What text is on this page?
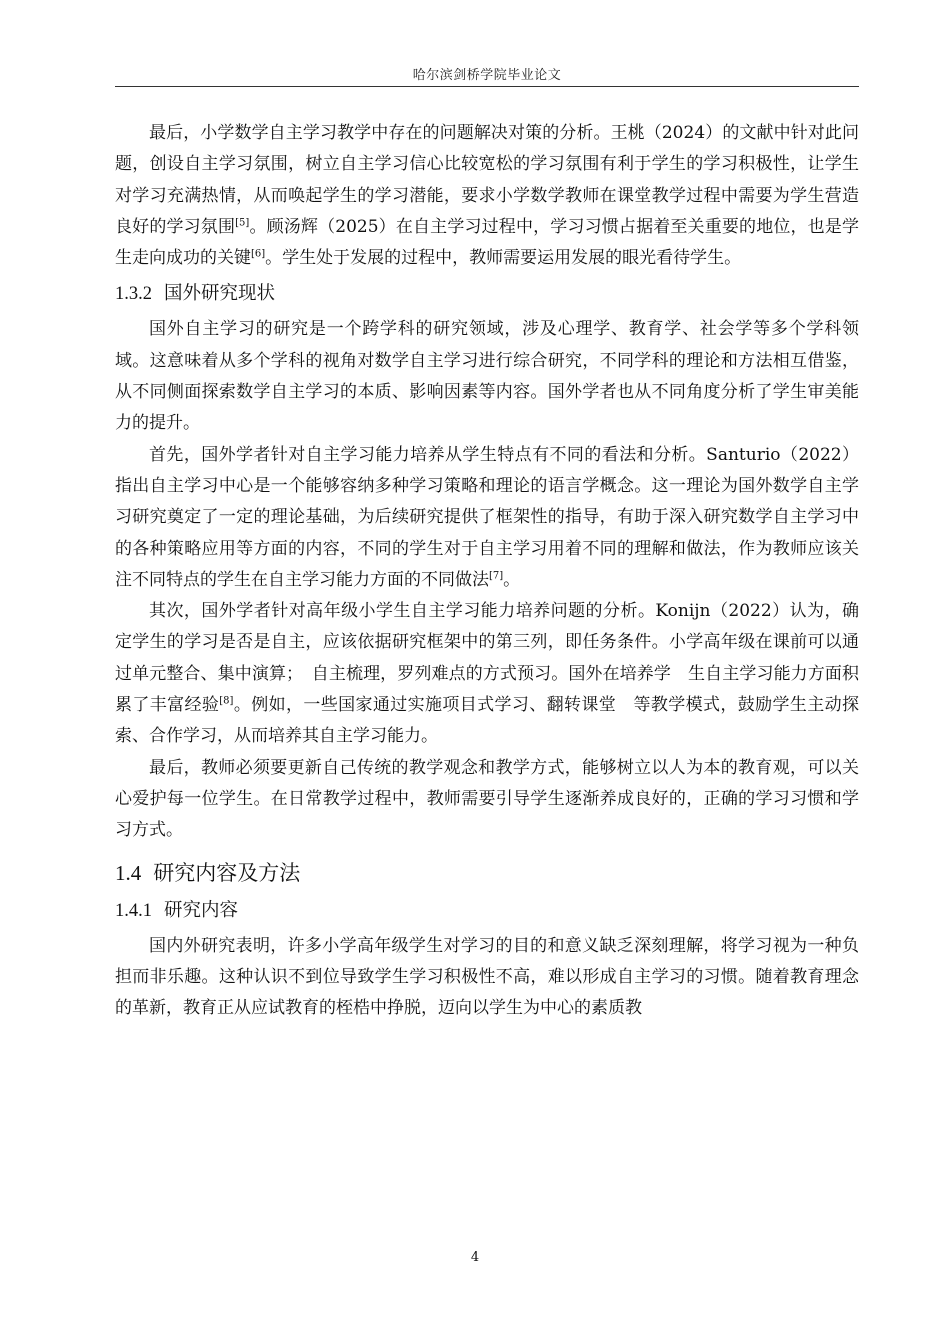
哈尔滨剑桥学院毕业论文

最后，小学数学自主学习教学中存在的问题解决对策的分析。王桃（2024）的文献中针对此问题，创设自主学习氛围，树立自主学习信心比较宽松的学习氛围有利于学生的学习积极性，让学生对学习充满热情，从而唤起学生的学习潜能，要求小学数学教师在课堂教学过程中需要为学生营造良好的学习氛围[5]。顾汤辉（2025）在自主学习过程中，学习习惯占据着至关重要的地位，也是学生走向成功的关键[6]。学生处于发展的过程中，教师需要运用发展的眼光看待学生。

1.3.2 国外研究现状

国外自主学习的研究是一个跨学科的研究领域，涉及心理学、教育学、社会学等多个学科领域。这意味着从多个学科的视角对数学自主学习进行综合研究，不同学科的理论和方法相互借鉴，从不同侧面探索数学自主学习的本质、影响因素等内容。国外学者也从不同角度分析了学生审美能力的提升。

首先，国外学者针对自主学习能力培养从学生特点有不同的看法和分析。Santurio（2022）指出自主学习中心是一个能够容纳多种学习策略和理论的语言学概念。这一理论为国外数学自主学习研究奠定了一定的理论基础，为后续研究提供了框架性的指导，有助于深入研究数学自主学习中的各种策略应用等方面的内容，不同的学生对于自主学习用着不同的理解和做法，作为教师应该关注不同特点的学生在自主学习能力方面的不同做法[7]。

其次，国外学者针对高年级小学生自主学习能力培养问题的分析。Konijn（2022）认为，确定学生的学习是否是自主，应该依据研究框架中的第三列，即任务条件。小学高年级在课前可以通过单元整合、集中演算；　自主梳理，罗列难点的方式预习。国外在培养学　生自主学习能力方面积累了丰富经验[8]。例如，一些国家通过实施项目式学习、翻转课堂　等教学模式，鼓励学生主动探索、合作学习，从而培养其自主学习能力。

最后，教师必须要更新自己传统的教学观念和教学方式，能够树立以人为本的教育观，可以关心爱护每一位学生。在日常教学过程中，教师需要引导学生逐渐养成良好的，正确的学习习惯和学习方式。

1.4 研究内容及方法
1.4.1 研究内容

国内外研究表明，许多小学高年级学生对学习的目的和意义缺乏深刻理解，将学习视为一种负担而非乐趣。这种认识不到位导致学生学习积极性不高，难以形成自主学习的习惯。随着教育理念的革新，教育正从应试教育的桎梏中挣脱，迈向以学生为中心的素质教

4
